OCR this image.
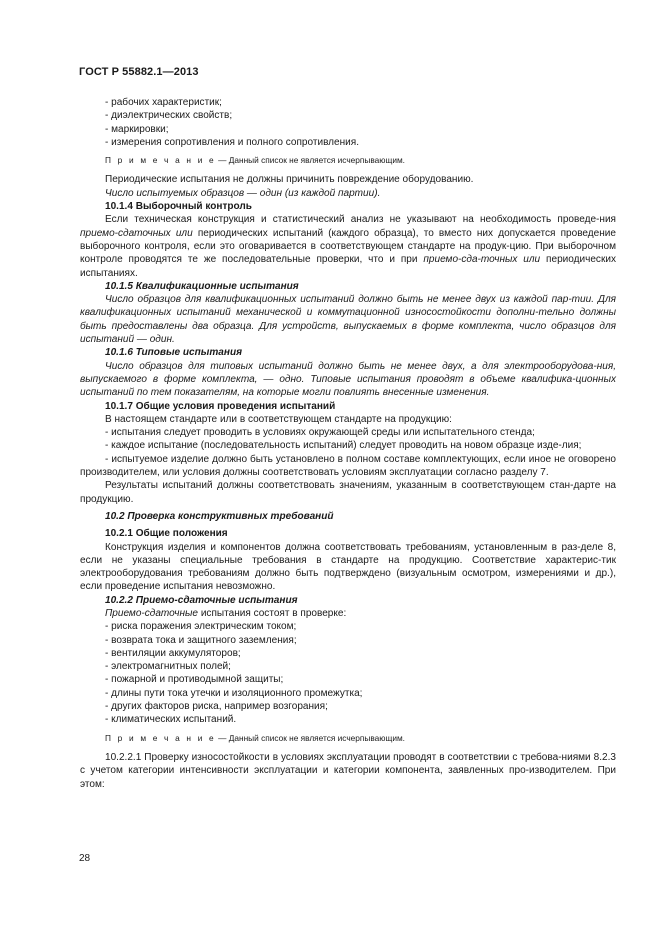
ГОСТ Р 55882.1—2013

- рабочих характеристик;

- диэлектрических свойств;

- маркировки;

- измерения сопротивления и полного сопротивления.

П р и м е ч а н и е — Данный список не является исчерпывающим.

Периодические испытания не должны причинить повреждение оборудованию.

Число испытуемых образцов — один (из каждой партии).

10.1.4 Выборочный контроль

Если техническая конструкция и статистический анализ не указывают на необходимость проведе-ния приемо-сдаточных или периодических испытаний (каждого образца), то вместо них допускается проведение выборочного контроля, если это оговаривается в соответствующем стандарте на продук-цию. При выборочном контроле проводятся те же последовательные проверки, что и при приемо-сда-точных или периодических испытаниях.

10.1.5 Квалификационные испытания

Число образцов для квалификационных испытаний должно быть не менее двух из каждой пар-тии. Для квалификационных испытаний механической и коммутационной износостойкости дополни-тельно должны быть предоставлены два образца. Для устройств, выпускаемых в форме комплекта, число образцов для испытаний — один.

10.1.6 Типовые испытания

Число образцов для типовых испытаний должно быть не менее двух, а для электрооборудова-ния, выпускаемого в форме комплекта, — одно. Типовые испытания проводят в объеме квалифика-ционных испытаний по тем показателям, на которые могли повлиять внесенные изменения.

10.1.7 Общие условия проведения испытаний

В настоящем стандарте или в соответствующем стандарте на продукцию:

- испытания следует проводить в условиях окружающей среды или испытательного стенда;

- каждое испытание (последовательность испытаний) следует проводить на новом образце изде-лия;

- испытуемое изделие должно быть установлено в полном составе комплектующих, если иное не оговорено производителем, или условия должны соответствовать условиям эксплуатации согласно разделу 7.

Результаты испытаний должны соответствовать значениям, указанным в соответствующем стан-дарте на продукцию.

10.2 Проверка конструктивных требований

10.2.1 Общие положения

Конструкция изделия и компонентов должна соответствовать требованиям, установленным в раз-деле 8, если не указаны специальные требования в стандарте на продукцию. Соответствие характерис-тик электрооборудования требованиям должно быть подтверждено (визуальным осмотром, измерениями и др.), если проведение испытания невозможно.

10.2.2 Приемо-сдаточные испытания

Приемо-сдаточные испытания состоят в проверке:

- риска поражения электрическим током;

- возврата тока и защитного заземления;

- вентиляции аккумуляторов;

- электромагнитных полей;

- пожарной и противодымной защиты;

- длины пути тока утечки и изоляционного промежутка;

- других факторов риска, например возгорания;

- климатических испытаний.

П р и м е ч а н и е — Данный список не является исчерпывающим.

10.2.2.1 Проверку износостойкости в условиях эксплуатации проводят в соответствии с требова-ниями 8.2.3 с учетом категории интенсивности эксплуатации и категории компонента, заявленных про-изводителем. При этом:

28
